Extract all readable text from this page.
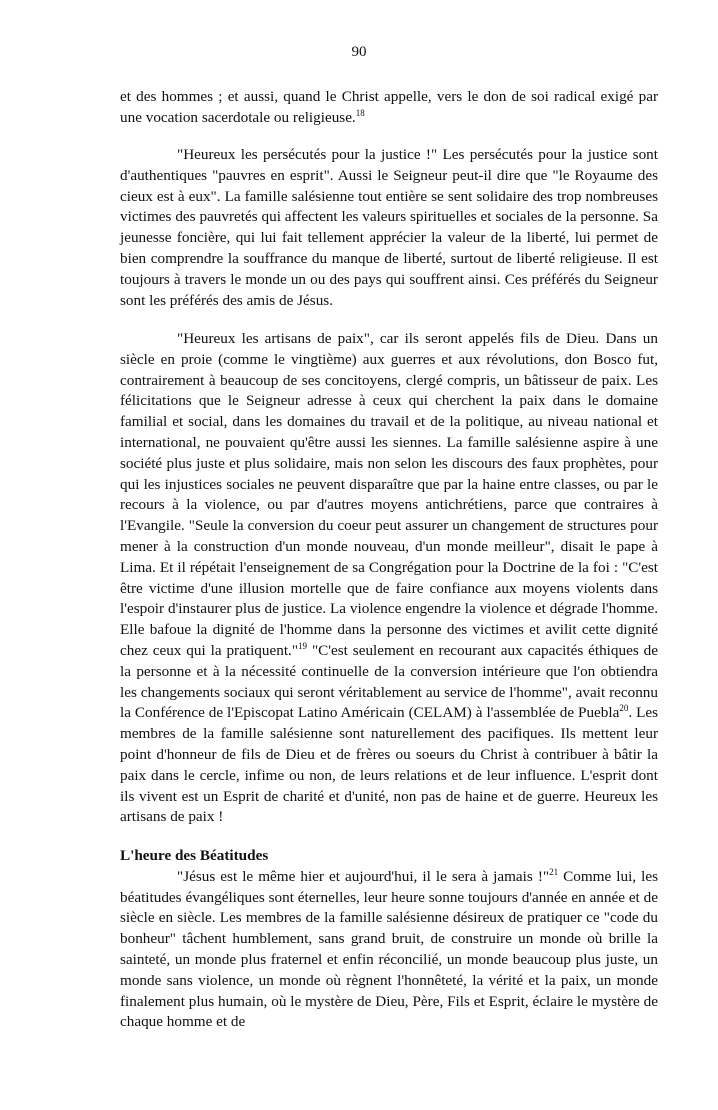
90

et des hommes ; et aussi, quand le Christ appelle, vers le don de soi radical exigé par une vocation sacerdotale ou religieuse.$^{18}$

"Heureux les persécutés pour la justice !" Les persécutés pour la justice sont d'authentiques "pauvres en esprit". Aussi le Seigneur peut-il dire que "le Royaume des cieux est à eux". La famille salésienne tout entière se sent solidaire des trop nombreuses victimes des pauvretés qui affectent les valeurs spirituelles et sociales de la personne. Sa jeunesse foncière, qui lui fait tellement apprécier la valeur de la liberté, lui permet de bien comprendre la souffrance du manque de liberté, surtout de liberté religieuse. Il est toujours à travers le monde un ou des pays qui souffrent ainsi. Ces préférés du Seigneur sont les préférés des amis de Jésus.

"Heureux les artisans de paix", car ils seront appelés fils de Dieu. Dans un siècle en proie (comme le vingtième) aux guerres et aux révolutions, don Bosco fut, contrairement à beaucoup de ses concitoyens, clergé compris, un bâtisseur de paix. Les félicitations que le Seigneur adresse à ceux qui cherchent la paix dans le domaine familial et social, dans les domaines du travail et de la politique, au niveau national et international, ne pouvaient qu'être aussi les siennes. La famille salésienne aspire à une société plus juste et plus solidaire, mais non selon les discours des faux prophètes, pour qui les injustices sociales ne peuvent disparaître que par la haine entre classes, ou par le recours à la violence, ou par d'autres moyens antichrétiens, parce que contraires à l'Evangile. "Seule la conversion du coeur peut assurer un changement de structures pour mener à la construction d'un monde nouveau, d'un monde meilleur", disait le pape à Lima. Et il répétait l'enseignement de sa Congrégation pour la Doctrine de la foi : "C'est être victime d'une illusion mortelle que de faire confiance aux moyens violents dans l'espoir d'instaurer plus de justice. La violence engendre la violence et dégrade l'homme. Elle bafoue la dignité de l'homme dans la personne des victimes et avilit cette dignité chez ceux qui la pratiquent."$^{19}$ "C'est seulement en recourant aux capacités éthiques de la personne et à la nécessité continuelle de la conversion intérieure que l'on obtiendra les changements sociaux qui seront véritablement au service de l'homme", avait reconnu la Conférence de l'Episcopat Latino Américain (CELAM) à l'assemblée de Puebla$^{20}$. Les membres de la famille salésienne sont naturellement des pacifiques. Ils mettent leur point d'honneur de fils de Dieu et de frères ou soeurs du Christ à contribuer à bâtir la paix dans le cercle, infime ou non, de leurs relations et de leur influence. L'esprit dont ils vivent est un Esprit de charité et d'unité, non pas de haine et de guerre. Heureux les artisans de paix !

L'heure des Béatitudes

"Jésus est le même hier et aujourd'hui, il le sera à jamais !"$^{21}$ Comme lui, les béatitudes évangéliques sont éternelles, leur heure sonne toujours d'année en année et de siècle en siècle. Les membres de la famille salésienne désireux de pratiquer ce "code du bonheur" tâchent humblement, sans grand bruit, de construire un monde où brille la sainteté, un monde plus fraternel et enfin réconcilié, un monde beaucoup plus juste, un monde sans violence, un monde où règnent l'honnêteté, la vérité et la paix, un monde finalement plus humain, où le mystère de Dieu, Père, Fils et Esprit, éclaire le mystère de chaque homme et de
